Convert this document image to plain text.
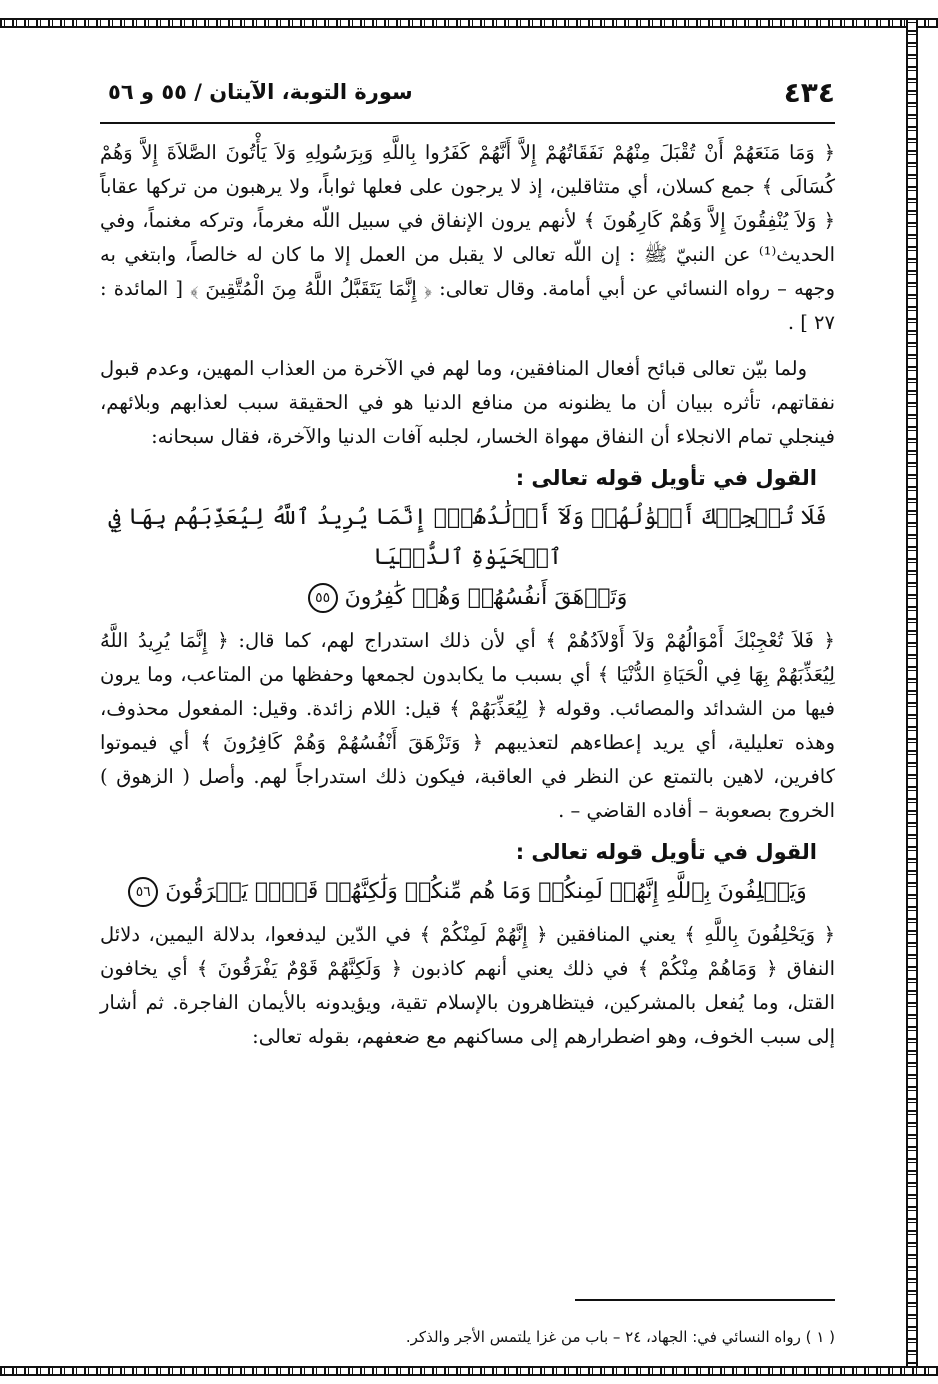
٤٣٤
سورة التوبة، الآيتان / ٥٥ و ٥٦

﴿ وَمَا مَنَعَهُمْ أَنْ تُقْبَلَ مِنْهُمْ نَفَقَاتُهُمْ إِلاَّ أَنَّهُمْ كَفَرُوا بِاللَّهِ وَبِرَسُولِهِ وَلاَ يَأْتُونَ الصَّلاَةَ إِلاَّ وَهُمْ كُسَالَى ﴾ جمع كسلان، أي متثاقلين، إذ لا يرجون على فعلها ثواباً، ولا يرهبون من تركها عقاباً ﴿ وَلاَ يُنْفِقُونَ إِلاَّ وَهُمْ كَارِهُونَ ﴾ لأنهم يرون الإنفاق في سبيل اللّه مغرماً، وتركه مغنماً، وفي الحديث⁽¹⁾ عن النبيّ ﷺ : إن اللّه تعالى لا يقبل من العمل إلا ما كان له خالصاً، وابتغي به وجهه – رواه النسائي عن أبي أمامة. وقال تعالى: ﴿ إِنَّمَا يَتَقَبَّلُ اللَّهُ مِنَ الْمُتَّقِينَ ﴾ [ المائدة : ٢٧ ] .

ولما بيّن تعالى قبائح أفعال المنافقين، وما لهم في الآخرة من العذاب المهين، وعدم قبول نفقاتهم، تأثره ببيان أن ما يظنونه من منافع الدنيا هو في الحقيقة سبب لعذابهم وبلائهم، فينجلي تمام الانجلاء أن النفاق مهواة الخسار، لجلبه آفات الدنيا والآخرة، فقال سبحانه:

القول في تأويل قوله تعالى :
فَلَا تُعۡجِبۡكَ أَمۡوَٰلُهُمۡ وَلَآ أَوۡلَٰدُهُمۡۚ إِنَّمَا يُرِيدُ ٱللَّهُ لِيُعَذِّبَهُم بِهَا فِي ٱلۡحَيَوٰةِ ٱلدُّنۡيَا
وَتَزۡهَقَ أَنفُسُهُمۡ وَهُمۡ كَٰفِرُونَ ٥٥

﴿ فَلاَ تُعْجِبْكَ أَمْوَالُهُمْ وَلاَ أَوْلاَدُهُمْ ﴾ أي لأن ذلك استدراج لهم، كما قال: ﴿ إِنَّمَا يُرِيدُ اللَّهُ لِيُعَذِّبَهُمْ بِهَا فِي الْحَيَاةِ الدُّنْيَا ﴾ أي بسبب ما يكابدون لجمعها وحفظها من المتاعب، وما يرون فيها من الشدائد والمصائب. وقوله ﴿ لِيُعَذِّبَهُمْ ﴾ قيل: اللام زائدة. وقيل: المفعول محذوف، وهذه تعليلية، أي يريد إعطاءهم لتعذيبهم ﴿ وَتَزْهَقَ أَنْفُسُهُمْ وَهُمْ كَافِرُونَ ﴾ أي فيموتوا كافرين، لاهين بالتمتع عن النظر في العاقبة، فيكون ذلك استدراجاً لهم. وأصل ( الزهوق ) الخروج بصعوبة – أفاده القاضي – .

القول في تأويل قوله تعالى :
وَيَحۡلِفُونَ بِٱللَّهِ إِنَّهُمۡ لَمِنكُمۡ وَمَا هُم مِّنكُمۡ وَلَٰكِنَّهُمۡ قَوۡمٞ يَفۡرَقُونَ ٥٦

﴿ وَيَحْلِفُونَ بِاللَّهِ ﴾ يعني المنافقين ﴿ إِنَّهُمْ لَمِنْكُمْ ﴾ في الدّين ليدفعوا، بدلالة اليمين، دلائل النفاق ﴿ وَمَاهُمْ مِنْكُمْ ﴾ في ذلك يعني أنهم كاذبون ﴿ وَلَكِنَّهُمْ قَوْمٌ يَفْرَقُونَ ﴾ أي يخافون القتل، وما يُفعل بالمشركين، فيتظاهرون بالإسلام تقية، ويؤيدونه بالأيمان الفاجرة. ثم أشار إلى سبب الخوف، وهو اضطرارهم إلى مساكنهم مع ضعفهم، بقوله تعالى:

( ١ ) رواه النسائي في: الجهاد، ٢٤ – باب من غزا يلتمس الأجر والذكر.
